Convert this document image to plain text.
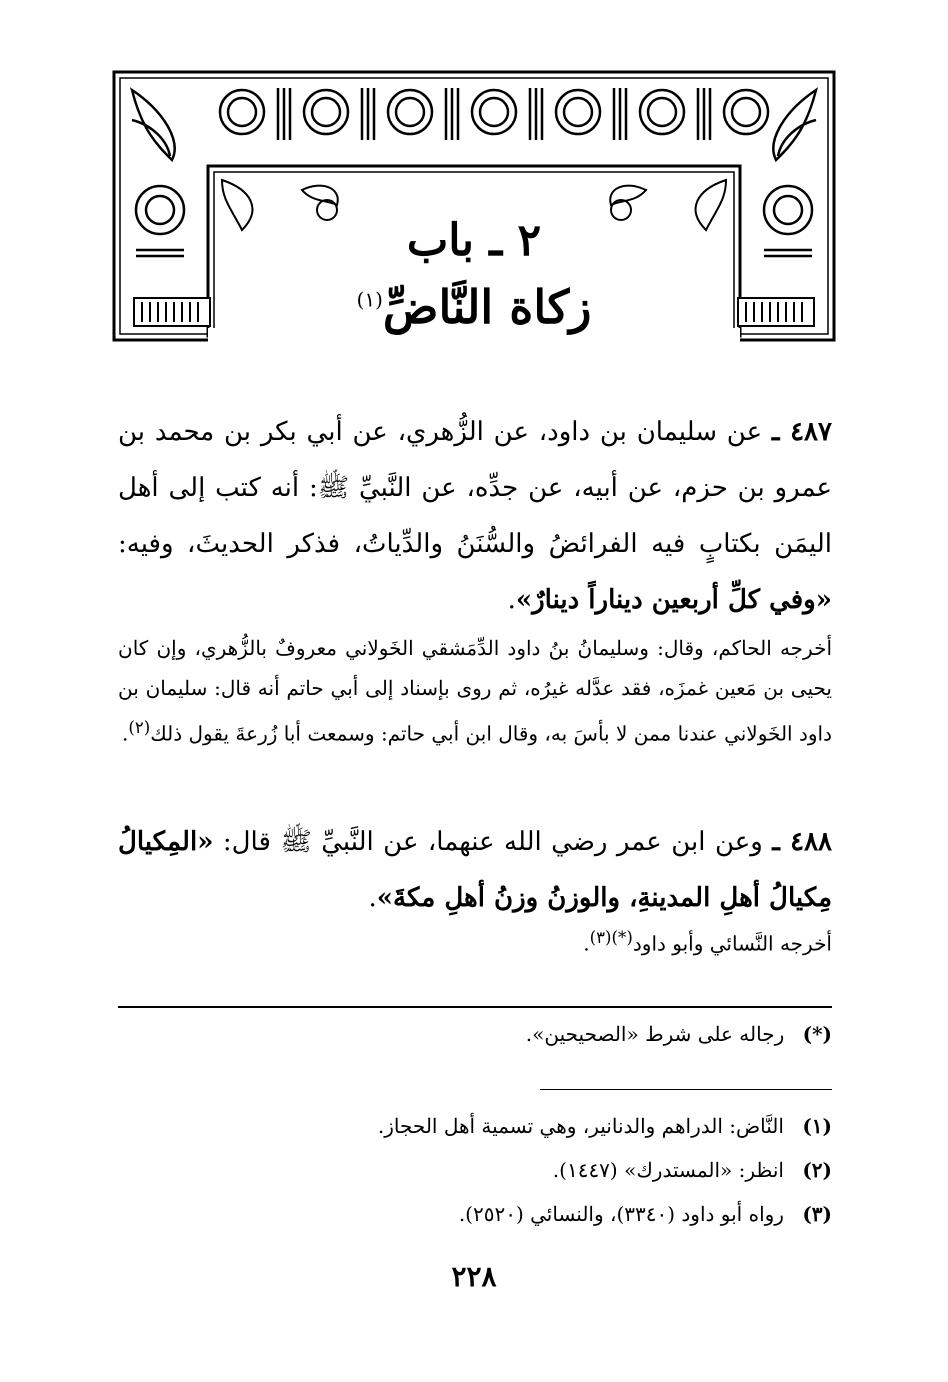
٢ ـ باب
زكاة النَّاضِّ$^{(١)}$

٤٨٧ ـ عن سليمان بن داود، عن الزُّهري، عن أبي بكر بن محمد بن عمرو بن حزم، عن أبيه، عن جدِّه، عن النَّبيِّ ﷺ: أنه كتب إلى أهل اليمَن بكتابٍ فيه الفرائضُ والسُّنَنُ والدِّياتُ، فذكر الحديثَ، وفيه: «وفي كلِّ أربعين ديناراً دينارٌ».

أخرجه الحاكم، وقال: وسليمانُ بنُ داود الدِّمَشقي الخَولاني معروفٌ بالزُّهري، وإن كان يحيى بن مَعين غمزَه، فقد عدَّله غيرُه، ثم روى بإسناد إلى أبي حاتم أنه قال: سليمان بن داود الخَولاني عندنا ممن لا بأسَ به، وقال ابن أبي حاتم: وسمعت أبا زُرعةَ يقول ذلك$^{(٢)}$.

٤٨٨ ـ وعن ابن عمر رضي الله عنهما، عن النَّبيِّ ﷺ قال: «المِكيالُ مِكيالُ أهلِ المدينةِ، والوزنُ وزنُ أهلِ مكةَ».

أخرجه النَّسائي وأبو داود$^{(*)(٣)}$.

(*) رجاله على شرط «الصحيحين».
(١) النَّاض: الدراهم والدنانير، وهي تسمية أهل الحجاز.
(٢) انظر: «المستدرك» (١٤٤٧).
(٣) رواه أبو داود (٣٣٤٠)، والنسائي (٢٥٢٠).
٢٢٨
